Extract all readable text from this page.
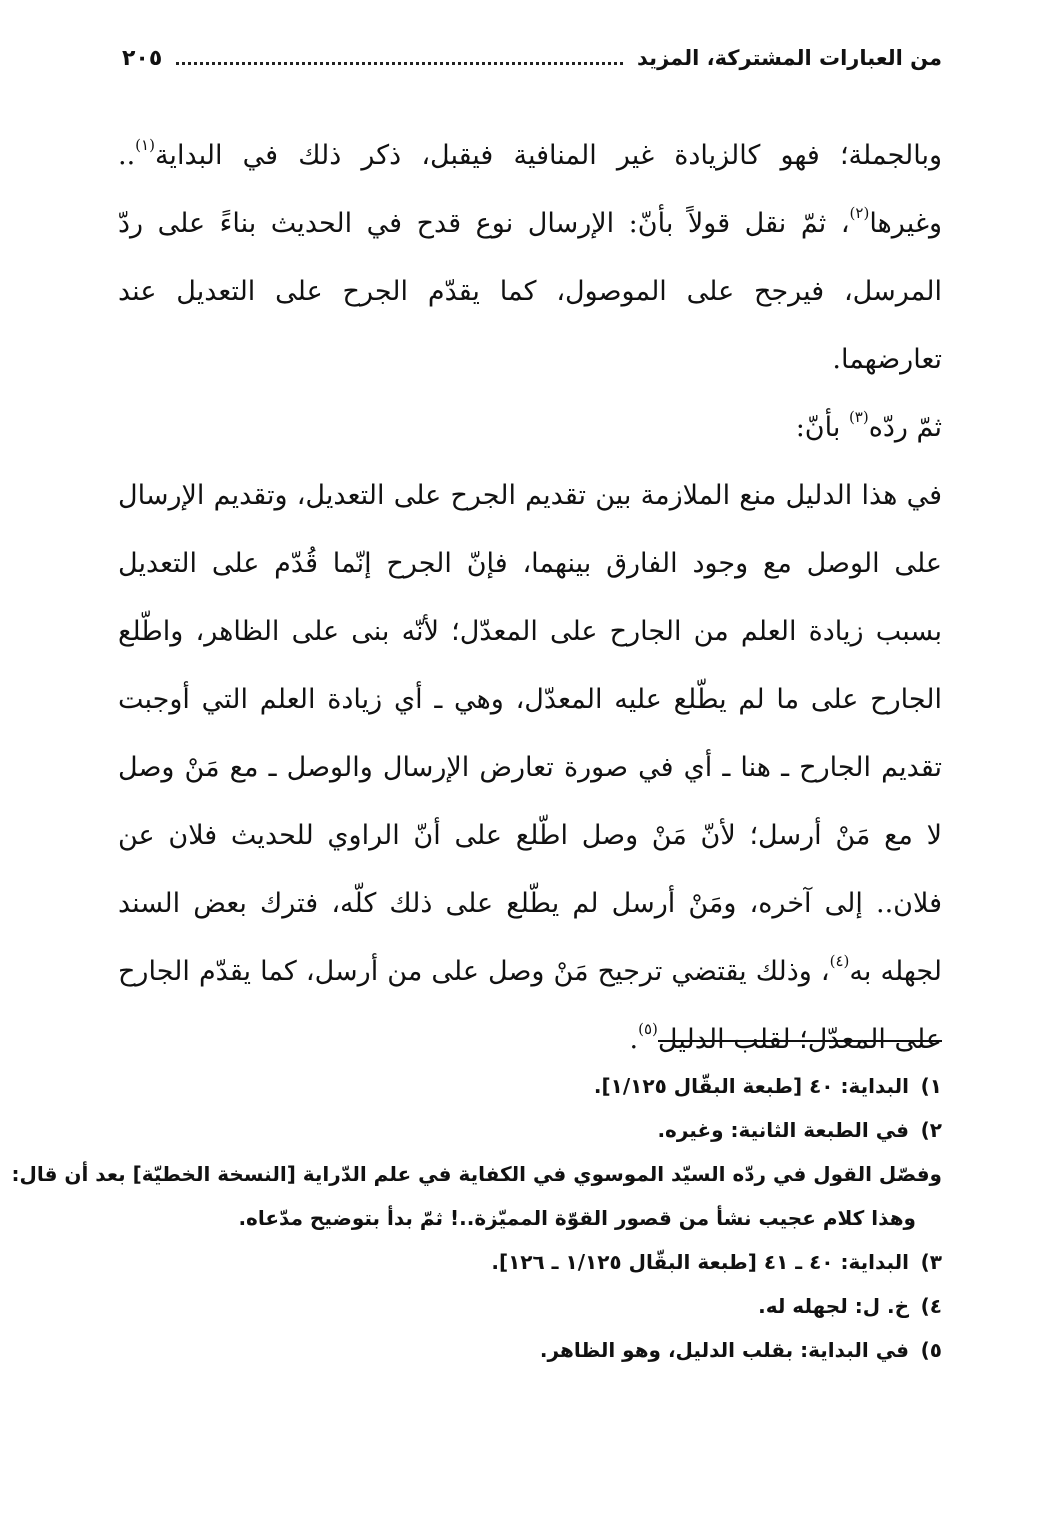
من العبارات المشتركة، المزيد
٢٠٥

وبالجملة؛ فهو كالزيادة غير المنافية فيقبل، ذكر ذلك في البداية$^{(١)}$.. وغيرها$^{(٢)}$، ثمّ نقل قولاً بأنّ: الإرسال نوع قدح في الحديث بناءً على ردّ المرسل، فيرجح على الموصول، كما يقدّم الجرح على التعديل عند تعارضهما.

ثمّ ردّه$^{(٣)}$ بأنّ:

في هذا الدليل منع الملازمة بين تقديم الجرح على التعديل، وتقديم الإرسال على الوصل مع وجود الفارق بينهما، فإنّ الجرح إنّما قُدّم على التعديل بسبب زيادة العلم من الجارح على المعدّل؛ لأنّه بنى على الظاهر، واطّلع الجارح على ما لم يطّلع عليه المعدّل، وهي ـ أي زيادة العلم التي أوجبت تقديم الجارح ـ هنا ـ أي في صورة تعارض الإرسال والوصل ـ مع مَنْ وصل لا مع مَنْ أرسل؛ لأنّ مَنْ وصل اطّلع على أنّ الراوي للحديث فلان عن فلان.. إلى آخره، ومَنْ أرسل لم يطّلع على ذلك كلّه، فترك بعض السند لجهله به$^{(٤)}$، وذلك يقتضي ترجيح مَنْ وصل على من أرسل، كما يقدّم الجارح على المعدّل؛ لقلب الدليل$^{(٥)}$.

١) البداية: ٤٠ [طبعة البقّال ١/١٢٥].
٢) في الطبعة الثانية: وغيره.
وفصّل القول في ردّه السيّد الموسوي في الكفاية في علم الدّراية [النسخة الخطيّة] بعد أن قال:
وهذا كلام عجيب نشأ من قصور القوّة المميّزة..! ثمّ بدأ بتوضيح مدّعاه.
٣) البداية: ٤٠ ـ ٤١ [طبعة البقّال ١/١٢٥ ـ ١٢٦].
٤) خ. ل: لجهله له.
٥) في البداية: بقلب الدليل، وهو الظاهر.
